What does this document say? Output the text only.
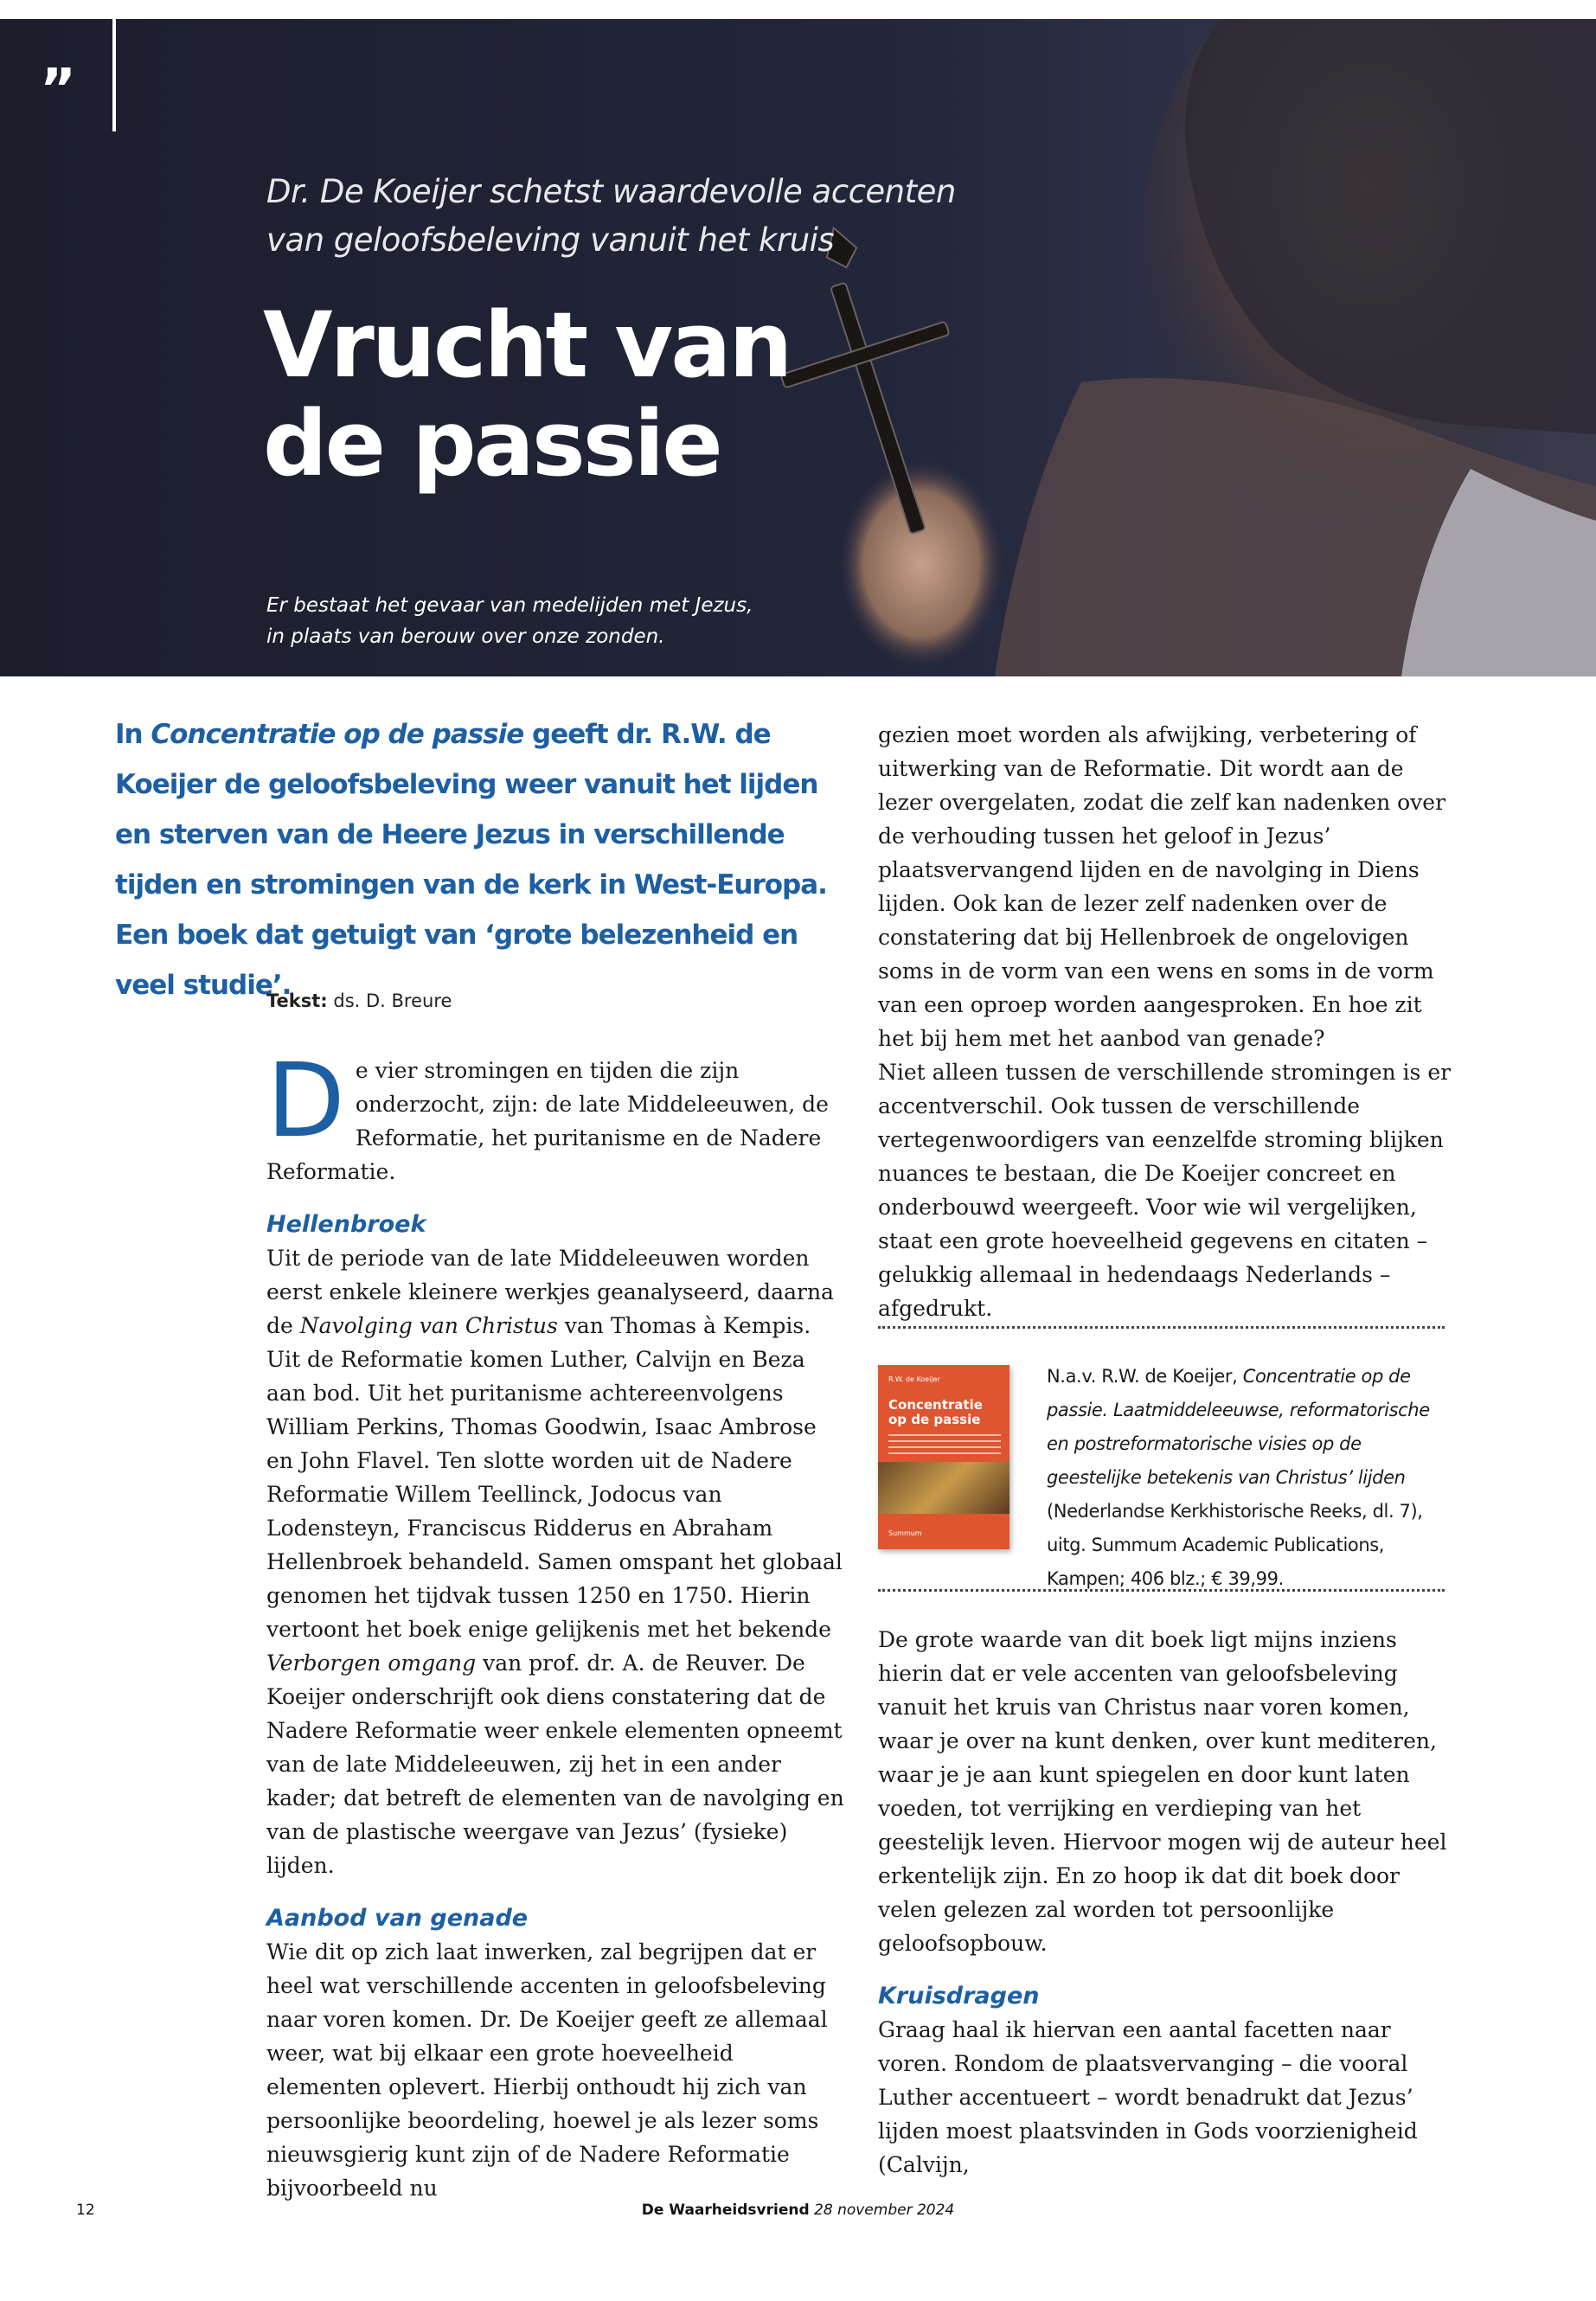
”
Dr. De Koeijer schetst waardevolle accenten
van geloofsbeleving vanuit het kruis
Vrucht van
de passie
Er bestaat het gevaar van medelijden met Jezus,
in plaats van berouw over onze zonden.

In Concentratie op de passie geeft dr. R.W. de Koeijer de geloofsbeleving weer vanuit het lijden en sterven van de Heere Jezus in verschillende tijden en stromingen van de kerk in West-Europa. Een boek dat getuigt van ‘grote belezenheid en veel studie’.

Tekst: ds. D. Breure

De vier stromingen en tijden die zijn onderzocht, zijn: de late Middeleeuwen, de Reformatie, het puritanisme en de Nadere Reformatie.

Hellenbroek

Uit de periode van de late Middeleeuwen worden eerst enkele kleinere werkjes geanalyseerd, daarna de Navolging van Christus van Thomas à Kempis. Uit de Reformatie komen Luther, Calvijn en Beza aan bod. Uit het puritanisme achtereenvolgens William Perkins, Thomas Goodwin, Isaac Ambrose en John Flavel. Ten slotte worden uit de Nadere Reformatie Willem Teellinck, Jodocus van Lodensteyn, Franciscus Ridderus en Abraham Hellenbroek behandeld. Samen omspant het globaal genomen het tijdvak tussen 1250 en 1750. Hierin vertoont het boek enige gelijkenis met het bekende Verborgen omgang van prof. dr. A. de Reuver. De Koeijer onderschrijft ook diens constatering dat de Nadere Reformatie weer enkele elementen opneemt van de late Middeleeuwen, zij het in een ander kader; dat betreft de elementen van de navolging en van de plastische weergave van Jezus’ (fysieke) lijden.

Aanbod van genade

Wie dit op zich laat inwerken, zal begrijpen dat er heel wat verschillende accenten in geloofsbeleving naar voren komen. Dr. De Koeijer geeft ze allemaal weer, wat bij elkaar een grote hoeveelheid elementen oplevert. Hierbij onthoudt hij zich van persoonlijke beoordeling, hoewel je als lezer soms nieuwsgierig kunt zijn of de Nadere Reformatie bijvoorbeeld nu

gezien moet worden als afwijking, verbetering of uitwerking van de Reformatie. Dit wordt aan de lezer overgelaten, zodat die zelf kan nadenken over de verhouding tussen het geloof in Jezus’ plaatsvervangend lijden en de navolging in Diens lijden. Ook kan de lezer zelf nadenken over de constatering dat bij Hellenbroek de ongelovigen soms in de vorm van een wens en soms in de vorm van een oproep worden aangesproken. En hoe zit het bij hem met het aanbod van genade?

Niet alleen tussen de verschillende stromingen is er accentverschil. Ook tussen de verschillende vertegenwoordigers van eenzelfde stroming blijken nuances te bestaan, die De Koeijer concreet en onderbouwd weergeeft. Voor wie wil vergelijken, staat een grote hoeveelheid gegevens en citaten – gelukkig allemaal in hedendaags Nederlands – afgedrukt.

R.W. de Koeijer
Concentratie op de passie
Summum

N.a.v. R.W. de Koeijer, Concentratie op de passie. Laatmiddeleeuwse, reformatorische en postreformatorische visies op de geestelijke betekenis van Christus’ lijden (Nederlandse Kerkhistorische Reeks, dl. 7), uitg. Summum Academic Publications, Kampen; 406 blz.; € 39,99.

De grote waarde van dit boek ligt mijns inziens hierin dat er vele accenten van geloofsbeleving vanuit het kruis van Christus naar voren komen, waar je over na kunt denken, over kunt mediteren, waar je je aan kunt spiegelen en door kunt laten voeden, tot verrijking en verdieping van het geestelijk leven. Hiervoor mogen wij de auteur heel erkentelijk zijn. En zo hoop ik dat dit boek door velen gelezen zal worden tot persoonlijke geloofsopbouw.

Kruisdragen

Graag haal ik hiervan een aantal facetten naar voren. Rondom de plaatsvervanging – die vooral Luther accentueert – wordt benadrukt dat Jezus’ lijden moest plaatsvinden in Gods voorzienigheid (Calvijn,

12	De Waarheidsvriend 28 november 2024
